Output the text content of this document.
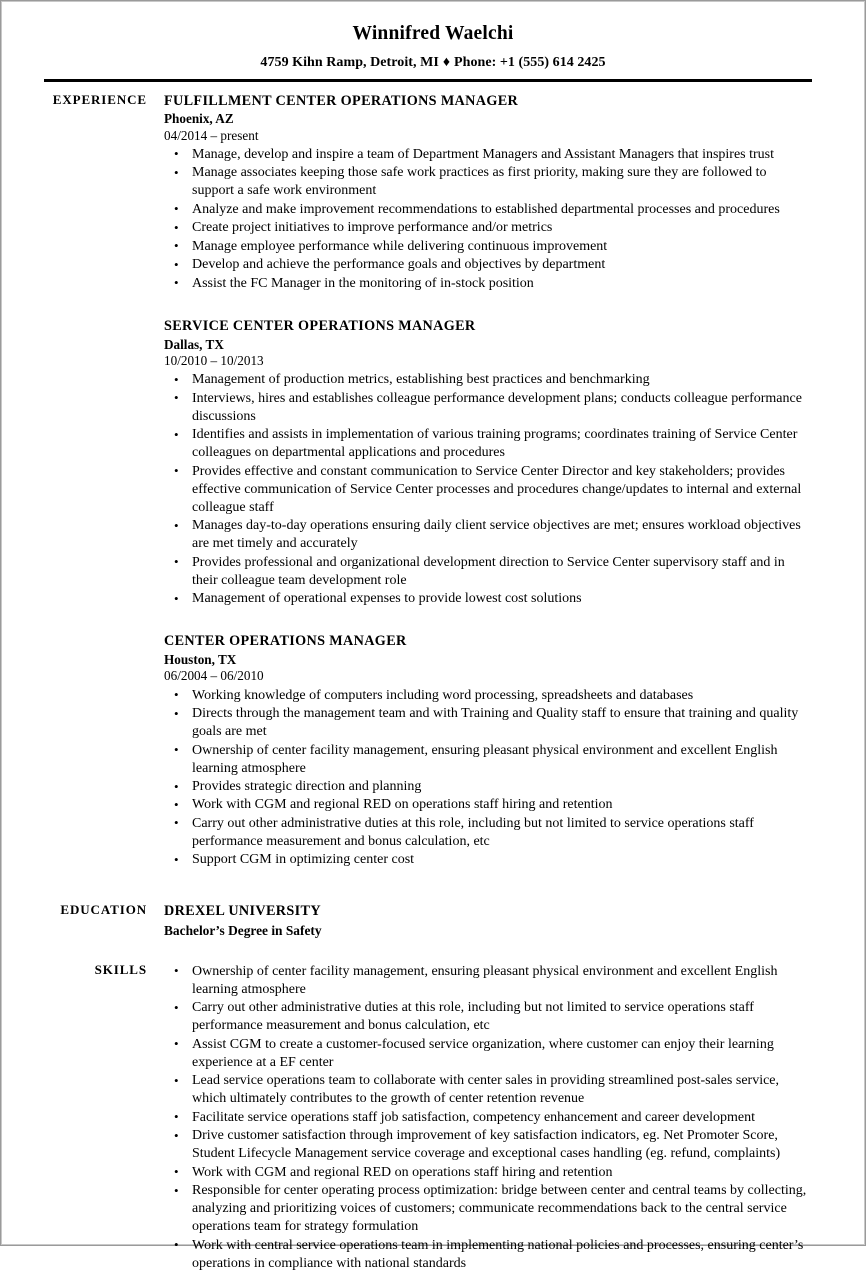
Winnifred Waelchi
4759 Kihn Ramp, Detroit, MI ♦ Phone: +1 (555) 614 2425
EXPERIENCE FULFILLMENT CENTER OPERATIONS MANAGER
Phoenix, AZ
04/2014 – present
• Manage, develop and inspire a team of Department Managers and Assistant Managers that inspires trust
• Manage associates keeping those safe work practices as first priority, making sure they are followed to support a safe work environment
• Analyze and make improvement recommendations to established departmental processes and procedures
• Create project initiatives to improve performance and/or metrics
• Manage employee performance while delivering continuous improvement
• Develop and achieve the performance goals and objectives by department
• Assist the FC Manager in the monitoring of in-stock position
SERVICE CENTER OPERATIONS MANAGER
Dallas, TX
10/2010 – 10/2013
• Management of production metrics, establishing best practices and benchmarking
• Interviews, hires and establishes colleague performance development plans; conducts colleague performance discussions
• Identifies and assists in implementation of various training programs; coordinates training of Service Center colleagues on departmental applications and procedures
• Provides effective and constant communication to Service Center Director and key stakeholders; provides effective communication of Service Center processes and procedures change/updates to internal and external colleague staff
• Manages day-to-day operations ensuring daily client service objectives are met; ensures workload objectives are met timely and accurately
• Provides professional and organizational development direction to Service Center supervisory staff and in their colleague team development role
• Management of operational expenses to provide lowest cost solutions
CENTER OPERATIONS MANAGER
Houston, TX
06/2004 – 06/2010
• Working knowledge of computers including word processing, spreadsheets and databases
• Directs through the management team and with Training and Quality staff to ensure that training and quality goals are met
• Ownership of center facility management, ensuring pleasant physical environment and excellent English learning atmosphere
• Provides strategic direction and planning
• Work with CGM and regional RED on operations staff hiring and retention
• Carry out other administrative duties at this role, including but not limited to service operations staff performance measurement and bonus calculation, etc
• Support CGM in optimizing center cost
EDUCATION DREXEL UNIVERSITY
Bachelor’s Degree in Safety
SKILLS	• Ownership of center facility management, ensuring pleasant physical environment and excellent English learning atmosphere
• Carry out other administrative duties at this role, including but not limited to service operations staff performance measurement and bonus calculation, etc
• Assist CGM to create a customer-focused service organization, where customer can enjoy their learning experience at a EF center
• Lead service operations team to collaborate with center sales in providing streamlined post-sales service, which ultimately contributes to the growth of center retention revenue
• Facilitate service operations staff job satisfaction, competency enhancement and career development
• Drive customer satisfaction through improvement of key satisfaction indicators, eg. Net Promoter Score, Student Lifecycle Management service coverage and exceptional cases handling (eg. refund, complaints)
• Work with CGM and regional RED on operations staff hiring and retention
• Responsible for center operating process optimization: bridge between center and central teams by collecting, analyzing and prioritizing voices of customers; communicate recommendations back to the central service operations team for strategy formulation
• Work with central service operations team in implementing national policies and processes, ensuring center’s operations in compliance with national standards
